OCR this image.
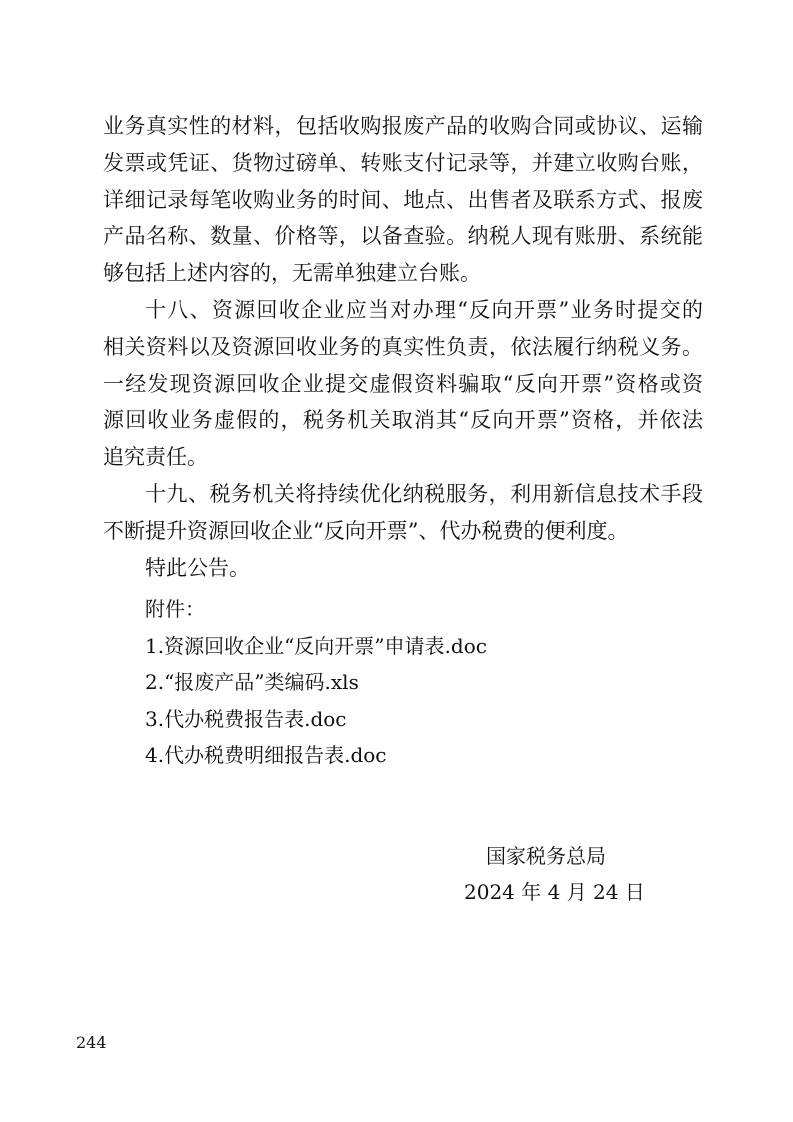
业务真实性的材料，包括收购报废产品的收购合同或协议、运输
发票或凭证、货物过磅单、转账支付记录等，并建立收购台账，
详细记录每笔收购业务的时间、地点、出售者及联系方式、报废
产品名称、数量、价格等，以备查验。纳税人现有账册、系统能
够包括上述内容的，无需单独建立台账。
十八、资源回收企业应当对办理“反向开票”业务时提交的
相关资料以及资源回收业务的真实性负责，依法履行纳税义务。
一经发现资源回收企业提交虚假资料骗取“反向开票”资格或资
源回收业务虚假的，税务机关取消其“反向开票”资格，并依法
追究责任。
十九、税务机关将持续优化纳税服务，利用新信息技术手段
不断提升资源回收企业“反向开票”、代办税费的便利度。
特此公告。
附件：
1.资源回收企业“反向开票”申请表.doc
2.“报废产品”类编码.xls
3.代办税费报告表.doc
4.代办税费明细报告表.doc
国家税务总局
2024 年 4 月 24 日
244
